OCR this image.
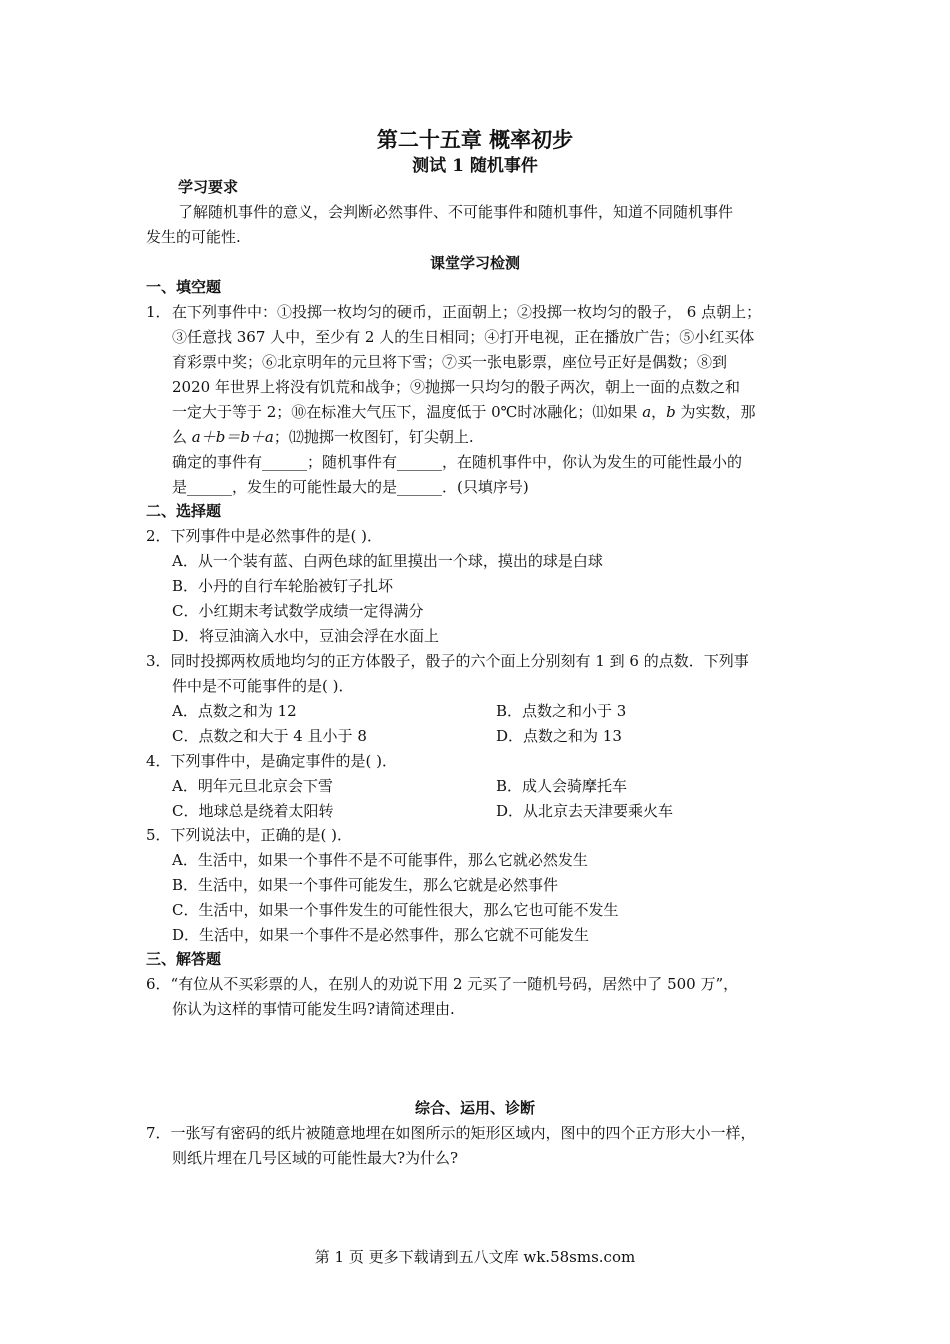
第二十五章 概率初步
测试 1 随机事件
学习要求
了解随机事件的意义，会判断必然事件、不可能事件和随机事件，知道不同随机事件
发生的可能性.
课堂学习检测
一、填空题
1． 在下列事件中：①投掷一枚均匀的硬币，正面朝上；②投掷一枚均匀的骰子， 6 点朝上；
③任意找 367 人中，至少有 2 人的生日相同；④打开电视，正在播放广告；⑤小红买体
育彩票中奖；⑥北京明年的元旦将下雪；⑦买一张电影票，座位号正好是偶数；⑧到
2020 年世界上将没有饥荒和战争；⑨抛掷一只均匀的骰子两次，朝上一面的点数之和
一定大于等于 2；⑩在标准大气压下，温度低于 0℃时冰融化；⑾如果 a，b 为实数，那
么 a＋b＝b＋a；⑿抛掷一枚图钉，钉尖朝上.
确定的事件有______；随机事件有______，在随机事件中，你认为发生的可能性最小的
是______，发生的可能性最大的是______．(只填序号)
二、选择题
2．下列事件中是必然事件的是( )．
A．从一个装有蓝、白两色球的缸里摸出一个球，摸出的球是白球
B．小丹的自行车轮胎被钉子扎坏
C．小红期末考试数学成绩一定得满分
D．将豆油滴入水中，豆油会浮在水面上
3．同时投掷两枚质地均匀的正方体骰子，骰子的六个面上分别刻有 1 到 6 的点数．下列事
件中是不可能事件的是( )．
A．点数之和为 12	B．点数之和小于 3
C．点数之和大于 4 且小于 8	D．点数之和为 13
4．下列事件中，是确定事件的是( )．
A．明年元旦北京会下雪	B．成人会骑摩托车
C．地球总是绕着太阳转	D．从北京去天津要乘火车
5．下列说法中，正确的是( )．
A．生活中，如果一个事件不是不可能事件，那么它就必然发生
B．生活中，如果一个事件可能发生，那么它就是必然事件
C．生活中，如果一个事件发生的可能性很大，那么它也可能不发生
D．生活中，如果一个事件不是必然事件，那么它就不可能发生
三、解答题
6．“有位从不买彩票的人，在别人的劝说下用 2 元买了一随机号码，居然中了 500 万”，
你认为这样的事情可能发生吗?请简述理由.
综合、运用、诊断
7．一张写有密码的纸片被随意地埋在如图所示的矩形区域内，图中的四个正方形大小一样，
则纸片埋在几号区域的可能性最大?为什么?
第 1 页 更多下载请到五八文库 wk.58sms.com
